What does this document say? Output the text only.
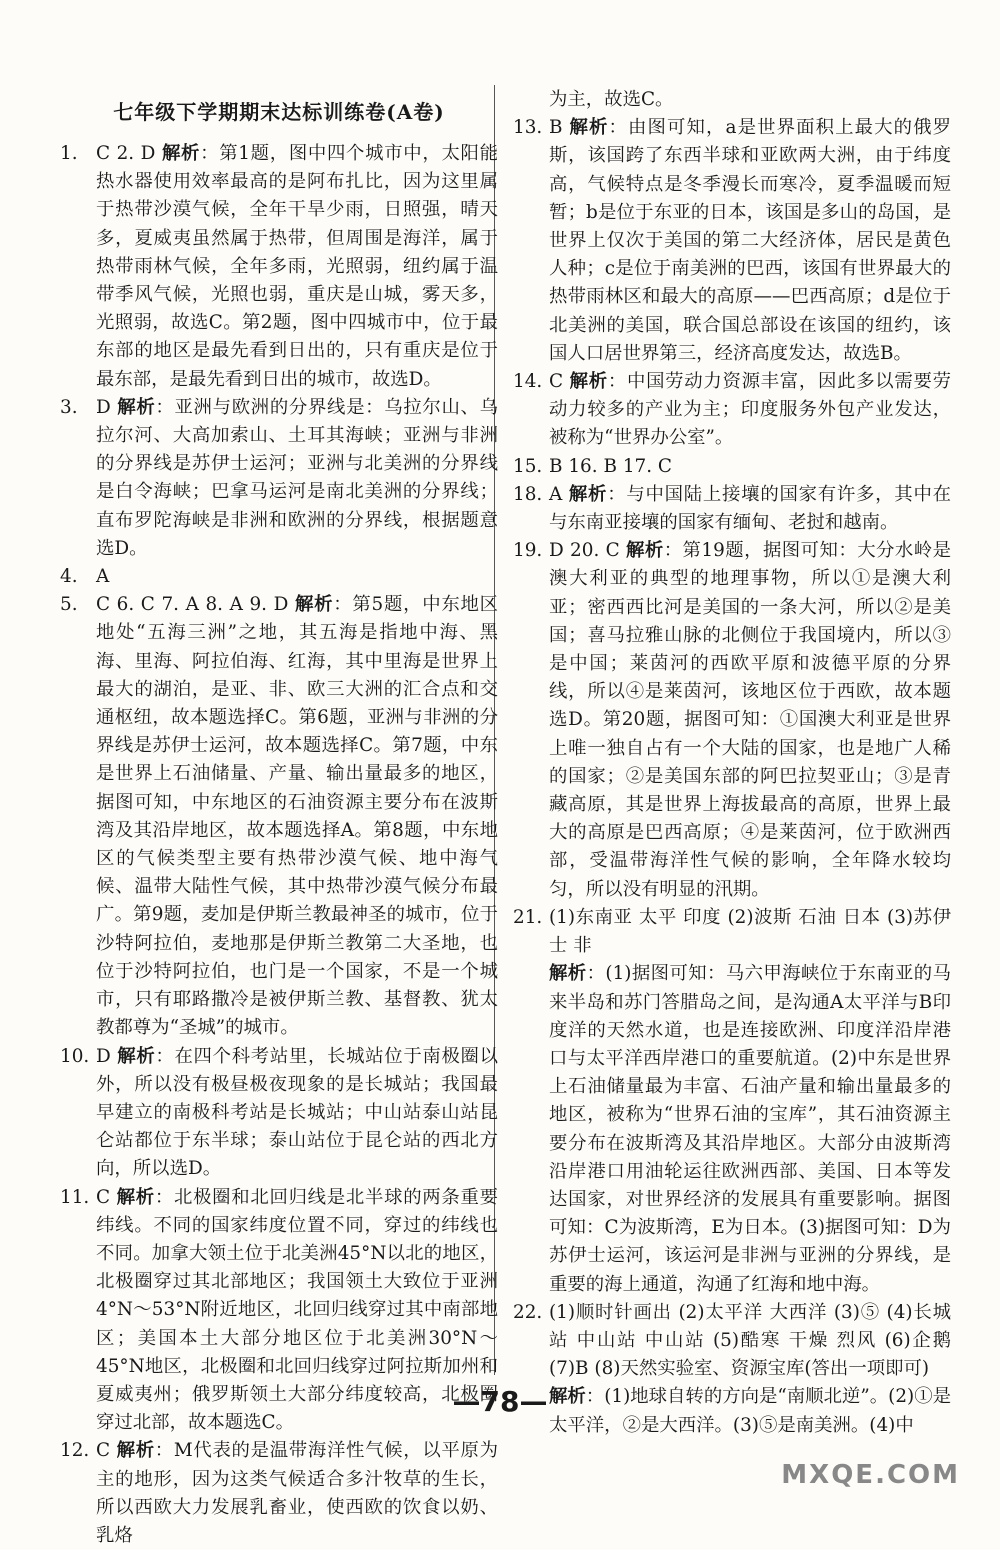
七年级下学期期末达标训练卷(A卷)
1.	C 2. D 解析：第1题，图中四个城市中，太阳能热水器使用效率最高的是阿布扎比，因为这里属于热带沙漠气候，全年干旱少雨，日照强，晴天多，夏威夷虽然属于热带，但周围是海洋，属于热带雨林气候，全年多雨，光照弱，纽约属于温带季风气候，光照也弱，重庆是山城，雾天多，光照弱，故选C。第2题，图中四城市中，位于最东部的地区是最先看到日出的，只有重庆是位于最东部，是最先看到日出的城市，故选D。
3.	D 解析：亚洲与欧洲的分界线是：乌拉尔山、乌拉尔河、大高加索山、土耳其海峡；亚洲与非洲的分界线是苏伊士运河；亚洲与北美洲的分界线是白令海峡；巴拿马运河是南北美洲的分界线；直布罗陀海峡是非洲和欧洲的分界线，根据题意选D。
4.	A
5.	C 6. C 7. A 8. A 9. D 解析：第5题，中东地区地处“五海三洲”之地，其五海是指地中海、黑海、里海、阿拉伯海、红海，其中里海是世界上最大的湖泊，是亚、非、欧三大洲的汇合点和交通枢纽，故本题选择C。第6题，亚洲与非洲的分界线是苏伊士运河，故本题选择C。第7题，中东是世界上石油储量、产量、输出量最多的地区，据图可知，中东地区的石油资源主要分布在波斯湾及其沿岸地区，故本题选择A。第8题，中东地区的气候类型主要有热带沙漠气候、地中海气候、温带大陆性气候，其中热带沙漠气候分布最广。第9题，麦加是伊斯兰教最神圣的城市，位于沙特阿拉伯，麦地那是伊斯兰教第二大圣地，也位于沙特阿拉伯，也门是一个国家，不是一个城市，只有耶路撒冷是被伊斯兰教、基督教、犹太教都尊为“圣城”的城市。
10. D 解析：在四个科考站里，长城站位于南极圈以外，所以没有极昼极夜现象的是长城站；我国最早建立的南极科考站是长城站；中山站泰山站昆仑站都位于东半球；泰山站位于昆仑站的西北方向，所以选D。
11. C 解析：北极圈和北回归线是北半球的两条重要纬线。不同的国家纬度位置不同，穿过的纬线也不同。加拿大领土位于北美洲45°N以北的地区，北极圈穿过其北部地区；我国领土大致位于亚洲4°N～53°N附近地区，北回归线穿过其中南部地区；美国本土大部分地区位于北美洲30°N～45°N地区，北极圈和北回归线穿过阿拉斯加州和夏威夷州；俄罗斯领土大部分纬度较高，北极圈穿过北部，故本题选C。
12. C 解析：M代表的是温带海洋性气候，以平原为主的地形，因为这类气候适合多汁牧草的生长，所以西欧大力发展乳畜业，使西欧的饮食以奶、乳烙
为主，故选C。
13. B 解析：由图可知，a是世界面积上最大的俄罗斯，该国跨了东西半球和亚欧两大洲，由于纬度高，气候特点是冬季漫长而寒冷，夏季温暖而短暂；b是位于东亚的日本，该国是多山的岛国，是世界上仅次于美国的第二大经济体，居民是黄色人种；c是位于南美洲的巴西，该国有世界最大的热带雨林区和最大的高原——巴西高原；d是位于北美洲的美国，联合国总部设在该国的纽约，该国人口居世界第三，经济高度发达，故选B。
14. C 解析：中国劳动力资源丰富，因此多以需要劳动力较多的产业为主；印度服务外包产业发达，被称为“世界办公室”。
15. B 16. B 17. C
18. A 解析：与中国陆上接壤的国家有许多，其中在与东南亚接壤的国家有缅甸、老挝和越南。
19. D 20. C 解析：第19题，据图可知：大分水岭是澳大利亚的典型的地理事物，所以①是澳大利亚；密西西比河是美国的一条大河，所以②是美国；喜马拉雅山脉的北侧位于我国境内，所以③是中国；莱茵河的西欧平原和波德平原的分界线，所以④是莱茵河，该地区位于西欧，故本题选D。第20题，据图可知：①国澳大利亚是世界上唯一独自占有一个大陆的国家，也是地广人稀的国家；②是美国东部的阿巴拉契亚山；③是青藏高原，其是世界上海拔最高的高原，世界上最大的高原是巴西高原；④是莱茵河，位于欧洲西部，受温带海洋性气候的影响，全年降水较均匀，所以没有明显的汛期。
21. (1)东南亚 太平 印度 (2)波斯 石油 日本 (3)苏伊士 非
解析：(1)据图可知：马六甲海峡位于东南亚的马来半岛和苏门答腊岛之间，是沟通A太平洋与B印度洋的天然水道，也是连接欧洲、印度洋沿岸港口与太平洋西岸港口的重要航道。(2)中东是世界上石油储量最为丰富、石油产量和输出量最多的地区，被称为“世界石油的宝库”，其石油资源主要分布在波斯湾及其沿岸地区。大部分由波斯湾沿岸港口用油轮运往欧洲西部、美国、日本等发达国家，对世界经济的发展具有重要影响。据图可知：C为波斯湾，E为日本。(3)据图可知：D为苏伊士运河，该运河是非洲与亚洲的分界线，是重要的海上通道，沟通了红海和地中海。
22. (1)顺时针画出 (2)太平洋 大西洋 (3)⑤ (4)长城站 中山站 中山站 (5)酷寒 干燥 烈风 (6)企鹅 (7)B (8)天然实验室、资源宝库(答出一项即可)
解析：(1)地球自转的方向是“南顺北逆”。(2)①是太平洋，②是大西洋。(3)⑤是南美洲。(4)中
—78—
MXQE.COM
